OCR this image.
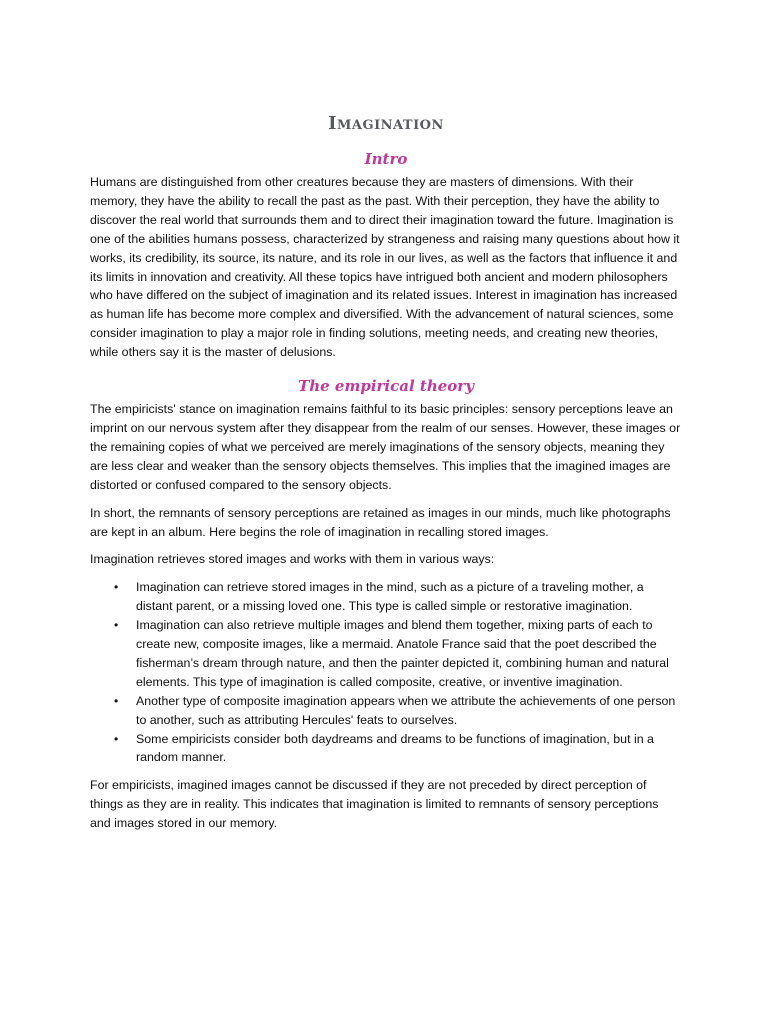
Imagination
Intro

Humans are distinguished from other creatures because they are masters of dimensions. With their memory, they have the ability to recall the past as the past. With their perception, they have the ability to discover the real world that surrounds them and to direct their imagination toward the future. Imagination is one of the abilities humans possess, characterized by strangeness and raising many questions about how it works, its credibility, its source, its nature, and its role in our lives, as well as the factors that influence it and its limits in innovation and creativity. All these topics have intrigued both ancient and modern philosophers who have differed on the subject of imagination and its related issues. Interest in imagination has increased as human life has become more complex and diversified. With the advancement of natural sciences, some consider imagination to play a major role in finding solutions, meeting needs, and creating new theories, while others say it is the master of delusions.

The empirical theory

The empiricists' stance on imagination remains faithful to its basic principles: sensory perceptions leave an imprint on our nervous system after they disappear from the realm of our senses. However, these images or the remaining copies of what we perceived are merely imaginations of the sensory objects, meaning they are less clear and weaker than the sensory objects themselves. This implies that the imagined images are distorted or confused compared to the sensory objects.

In short, the remnants of sensory perceptions are retained as images in our minds, much like photographs are kept in an album. Here begins the role of imagination in recalling stored images.

Imagination retrieves stored images and works with them in various ways:

• Imagination can retrieve stored images in the mind, such as a picture of a traveling mother, a distant parent, or a missing loved one. This type is called simple or restorative imagination.
• Imagination can also retrieve multiple images and blend them together, mixing parts of each to create new, composite images, like a mermaid. Anatole France said that the poet described the fisherman’s dream through nature, and then the painter depicted it, combining human and natural elements. This type of imagination is called composite, creative, or inventive imagination.
• Another type of composite imagination appears when we attribute the achievements of one person to another, such as attributing Hercules' feats to ourselves.
• Some empiricists consider both daydreams and dreams to be functions of imagination, but in a random manner.

For empiricists, imagined images cannot be discussed if they are not preceded by direct perception of things as they are in reality. This indicates that imagination is limited to remnants of sensory perceptions and images stored in our memory.
